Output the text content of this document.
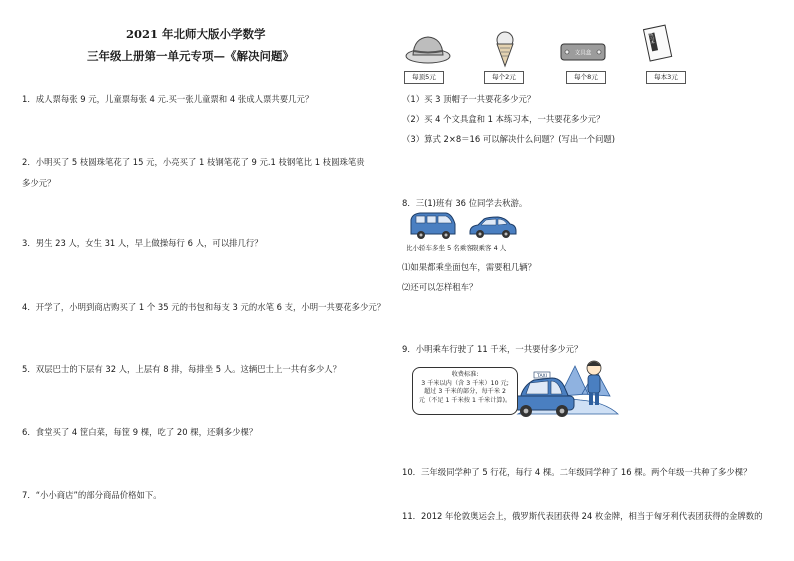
2021 年北师大版小学数学
三年级上册第一单元专项—《解决问题》
1．成人票每张 9 元，儿童票每张 4 元.买一张儿童票和 4 张成人票共要几元？
2．小明买了 5 枝圆珠笔花了 15 元，小亮买了 1 枝钢笔花了 9 元.1 枝钢笔比 1 枝圆珠笔贵
多少元？
3．男生 23 人，女生 31 人，早上做操每行 6 人，可以排几行？
4．开学了，小明到商店购买了 1 个 35 元的书包和每支 3 元的水笔 6 支，小明一共要花多少元？
5．双层巴士的下层有 32 人，上层有 8 排，每排坐 5 人。这辆巴士上一共有多少人？
6．食堂买了 4 筐白菜，每筐 9 棵，吃了 20 棵，还剩多少棵？
7．“小小商店”的部分商品价格如下。
每顶5元	每个2元
文具盒
每个8元
练习本
每本3元
（1）买 3 顶帽子一共要花多少元？
（2）买 4 个文具盒和 1 本练习本，一共要花多少元？
（3）算式 2×8＝16 可以解决什么问题？(写出一个问题)
8．三(1)班有 36 位同学去秋游。
比小轿车多坐 5 名乘客 限乘客 4 人
⑴如果都乘坐面包车，需要租几辆？
⑵还可以怎样租车？
9．小明乘车行驶了 11 千米，一共要付多少元？
TAXI
收费标准:
3 千米以内（含 3 千米）10 元;
超过 3 千米的部分，每千米 2
元（不足 1 千米按 1 千米计算)。
10．三年级同学种了 5 行花，每行 4 棵。二年级同学种了 16 棵。两个年级一共种了多少棵？
11．2012 年伦敦奥运会上，俄罗斯代表团获得 24 枚金牌，相当于匈牙利代表团获得的金牌数的
